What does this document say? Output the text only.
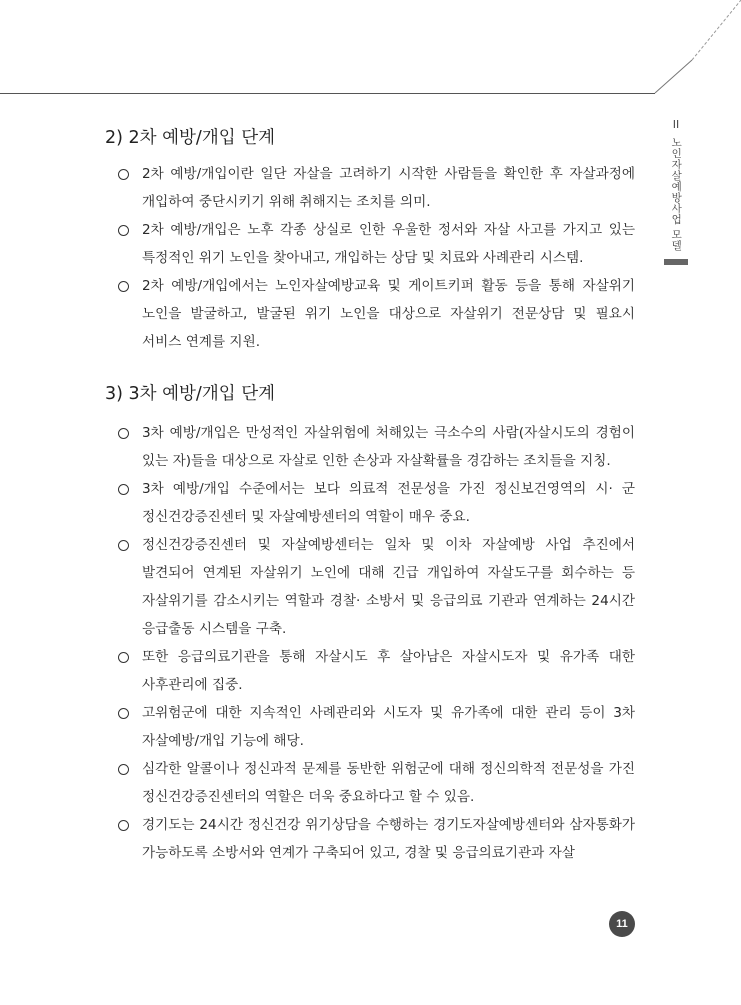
II
노인자살예방사업 모델
2) 2차 예방/개입 단계
2차 예방/개입이란 일단 자살을 고려하기 시작한 사람들을 확인한 후 자살과정에 개입하여 중단시키기 위해 취해지는 조치를 의미.
2차 예방/개입은 노후 각종 상실로 인한 우울한 정서와 자살 사고를 가지고 있는 특정적인 위기 노인을 찾아내고, 개입하는 상담 및 치료와 사례관리 시스템.
2차 예방/개입에서는 노인자살예방교육 및 게이트키퍼 활동 등을 통해 자살위기 노인을 발굴하고, 발굴된 위기 노인을 대상으로 자살위기 전문상담 및 필요시 서비스 연계를 지원.
3) 3차 예방/개입 단계
3차 예방/개입은 만성적인 자살위험에 처해있는 극소수의 사람(자살시도의 경험이 있는 자)들을 대상으로 자살로 인한 손상과 자살확률을 경감하는 조치들을 지칭.
3차 예방/개입 수준에서는 보다 의료적 전문성을 가진 정신보건영역의 시· 군 정신건강증진센터 및 자살예방센터의 역할이 매우 중요.
정신건강증진센터 및 자살예방센터는 일차 및 이차 자살예방 사업 추진에서 발견되어 연계된 자살위기 노인에 대해 긴급 개입하여 자살도구를 회수하는 등 자살위기를 감소시키는 역할과 경찰· 소방서 및 응급의료 기관과 연계하는 24시간 응급출동 시스템을 구축.
또한 응급의료기관을 통해 자살시도 후 살아남은 자살시도자 및 유가족 대한 사후관리에 집중.
고위험군에 대한 지속적인 사례관리와 시도자 및 유가족에 대한 관리 등이 3차 자살예방/개입 기능에 해당.
심각한 알콜이나 정신과적 문제를 동반한 위험군에 대해 정신의학적 전문성을 가진 정신건강증진센터의 역할은 더욱 중요하다고 할 수 있음.
경기도는 24시간 정신건강 위기상담을 수행하는 경기도자살예방센터와 삼자통화가 가능하도록 소방서와 연계가 구축되어 있고, 경찰 및 응급의료기관과 자살
11
